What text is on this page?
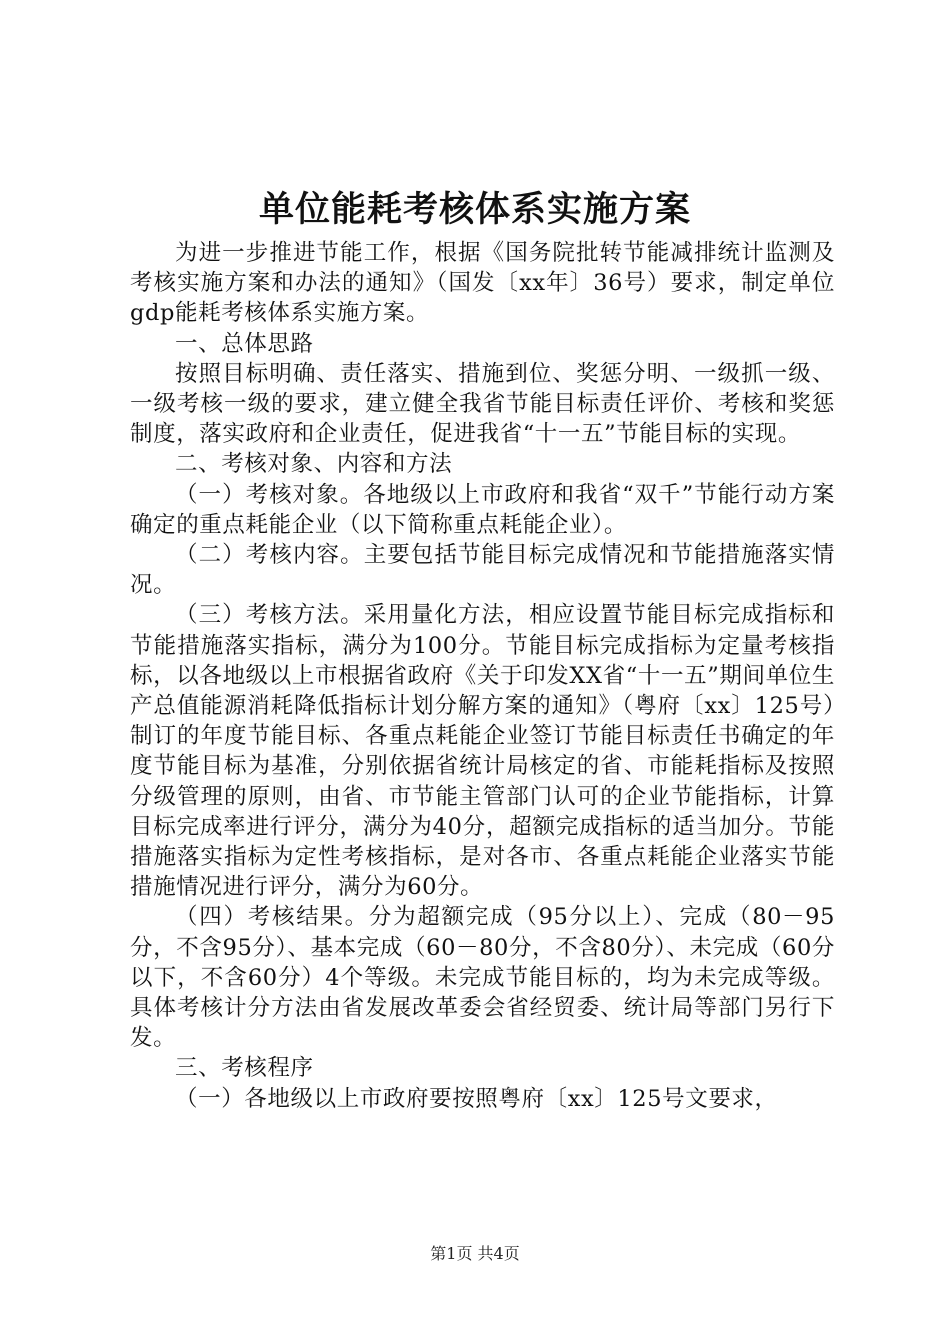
单位能耗考核体系实施方案

为进一步推进节能工作，根据《国务院批转节能减排统计监测及考核实施方案和办法的通知》（国发〔xx年〕36号）要求，制定单位gdp能耗考核体系实施方案。

一、总体思路

按照目标明确、责任落实、措施到位、奖惩分明、一级抓一级、一级考核一级的要求，建立健全我省节能目标责任评价、考核和奖惩制度，落实政府和企业责任，促进我省“十一五”节能目标的实现。

二、考核对象、内容和方法

（一）考核对象。各地级以上市政府和我省“双千”节能行动方案确定的重点耗能企业（以下简称重点耗能企业）。

（二）考核内容。主要包括节能目标完成情况和节能措施落实情况。

（三）考核方法。采用量化方法，相应设置节能目标完成指标和节能措施落实指标，满分为100分。节能目标完成指标为定量考核指标，以各地级以上市根据省政府《关于印发XX省“十一五”期间单位生产总值能源消耗降低指标计划分解方案的通知》（粤府〔xx〕125号）制订的年度节能目标、各重点耗能企业签订节能目标责任书确定的年度节能目标为基准，分别依据省统计局核定的省、市能耗指标及按照分级管理的原则，由省、市节能主管部门认可的企业节能指标，计算目标完成率进行评分，满分为40分，超额完成指标的适当加分。节能措施落实指标为定性考核指标，是对各市、各重点耗能企业落实节能措施情况进行评分，满分为60分。

（四）考核结果。分为超额完成（95分以上）、完成（80－95分，不含95分）、基本完成（60－80分，不含80分）、未完成（60分以下，不含60分）4个等级。未完成节能目标的，均为未完成等级。具体考核计分方法由省发展改革委会省经贸委、统计局等部门另行下发。

三、考核程序

（一）各地级以上市政府要按照粤府〔xx〕125号文要求，

第1页 共4页
